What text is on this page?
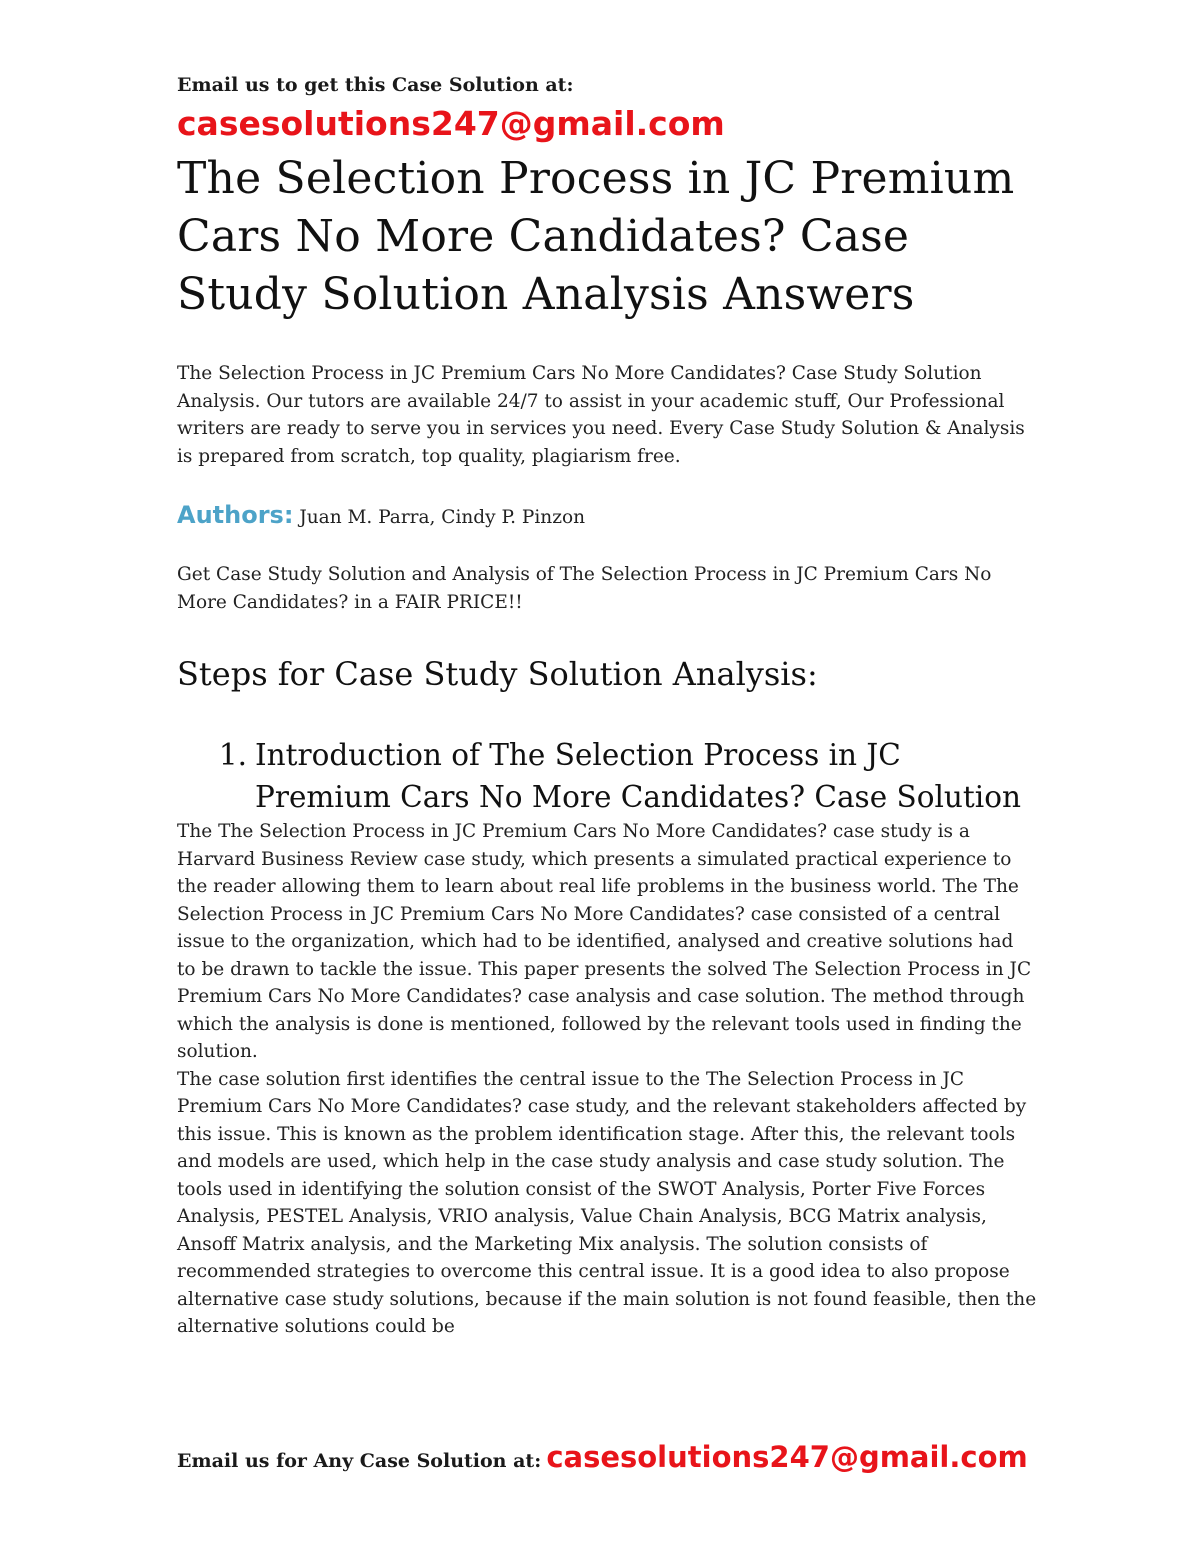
Email us to get this Case Solution at:
casesolutions247@gmail.com
The Selection Process in JC Premium Cars No More Candidates? Case Study Solution Analysis Answers
The Selection Process in JC Premium Cars No More Candidates? Case Study Solution Analysis. Our tutors are available 24/7 to assist in your academic stuff, Our Professional writers are ready to serve you in services you need. Every Case Study Solution & Analysis is prepared from scratch, top quality, plagiarism free.
Authors: Juan M. Parra, Cindy P. Pinzon
Get Case Study Solution and Analysis of The Selection Process in JC Premium Cars No More Candidates? in a FAIR PRICE!!
Steps for Case Study Solution Analysis:
1. Introduction of The Selection Process in JC Premium Cars No More Candidates? Case Solution
The The Selection Process in JC Premium Cars No More Candidates? case study is a Harvard Business Review case study, which presents a simulated practical experience to the reader allowing them to learn about real life problems in the business world. The The Selection Process in JC Premium Cars No More Candidates? case consisted of a central issue to the organization, which had to be identified, analysed and creative solutions had to be drawn to tackle the issue. This paper presents the solved The Selection Process in JC Premium Cars No More Candidates? case analysis and case solution. The method through which the analysis is done is mentioned, followed by the relevant tools used in finding the solution.
The case solution first identifies the central issue to the The Selection Process in JC Premium Cars No More Candidates? case study, and the relevant stakeholders affected by this issue. This is known as the problem identification stage. After this, the relevant tools and models are used, which help in the case study analysis and case study solution. The tools used in identifying the solution consist of the SWOT Analysis, Porter Five Forces Analysis, PESTEL Analysis, VRIO analysis, Value Chain Analysis, BCG Matrix analysis, Ansoff Matrix analysis, and the Marketing Mix analysis. The solution consists of recommended strategies to overcome this central issue. It is a good idea to also propose alternative case study solutions, because if the main solution is not found feasible, then the alternative solutions could be
Email us for Any Case Solution at: casesolutions247@gmail.com
